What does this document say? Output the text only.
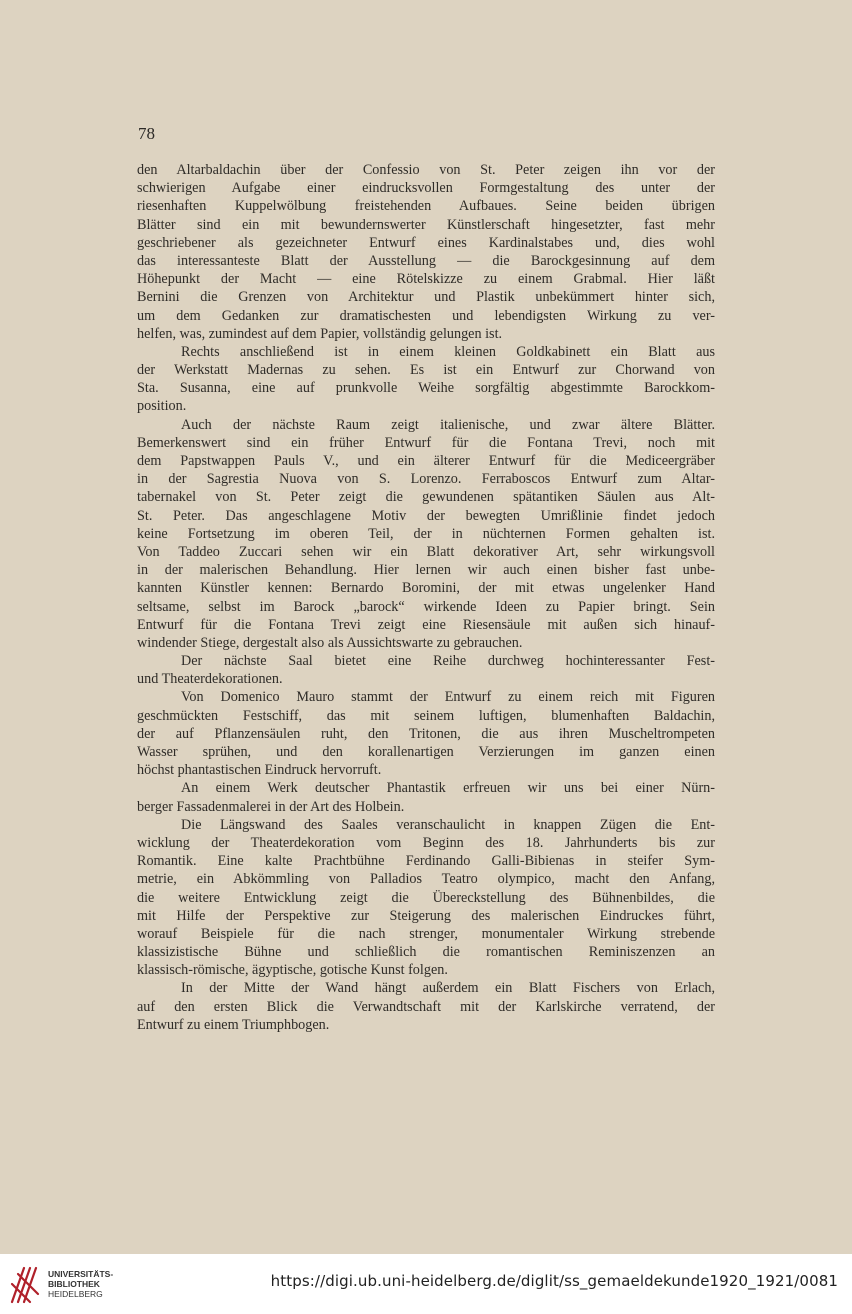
78
den Altarbaldachin über der Confessio von St. Peter zeigen ihn vor der
schwierigen Aufgabe einer eindrucksvollen Formgestaltung des unter der
riesenhaften Kuppelwölbung freistehenden Aufbaues. Seine beiden übrigen
Blätter sind ein mit bewundernswerter Künstlerschaft hingesetzter, fast mehr
geschriebener als gezeichneter Entwurf eines Kardinalstabes und, dies wohl
das interessanteste Blatt der Ausstellung — die Barockgesinnung auf dem
Höhepunkt der Macht — eine Rötelskizze zu einem Grabmal. Hier läßt
Bernini die Grenzen von Architektur und Plastik unbekümmert hinter sich,
um dem Gedanken zur dramatischesten und lebendigsten Wirkung zu ver-
helfen, was, zumindest auf dem Papier, vollständig gelungen ist.
Rechts anschließend ist in einem kleinen Goldkabinett ein Blatt aus
der Werkstatt Madernas zu sehen. Es ist ein Entwurf zur Chorwand von
Sta. Susanna, eine auf prunkvolle Weihe sorgfältig abgestimmte Barockkom-
position.
Auch der nächste Raum zeigt italienische, und zwar ältere Blätter.
Bemerkenswert sind ein früher Entwurf für die Fontana Trevi, noch mit
dem Papstwappen Pauls V., und ein älterer Entwurf für die Mediceergräber
in der Sagrestia Nuova von S. Lorenzo. Ferraboscos Entwurf zum Altar-
tabernakel von St. Peter zeigt die gewundenen spätantiken Säulen aus Alt-
St. Peter. Das angeschlagene Motiv der bewegten Umrißlinie findet jedoch
keine Fortsetzung im oberen Teil, der in nüchternen Formen gehalten ist.
Von Taddeo Zuccari sehen wir ein Blatt dekorativer Art, sehr wirkungsvoll
in der malerischen Behandlung. Hier lernen wir auch einen bisher fast unbe-
kannten Künstler kennen: Bernardo Boromini, der mit etwas ungelenker Hand
seltsame, selbst im Barock „barock“ wirkende Ideen zu Papier bringt. Sein
Entwurf für die Fontana Trevi zeigt eine Riesensäule mit außen sich hinauf-
windender Stiege, dergestalt also als Aussichtswarte zu gebrauchen.
Der nächste Saal bietet eine Reihe durchweg hochinteressanter Fest-
und Theaterdekorationen.
Von Domenico Mauro stammt der Entwurf zu einem reich mit Figuren
geschmückten Festschiff, das mit seinem luftigen, blumenhaften Baldachin,
der auf Pflanzensäulen ruht, den Tritonen, die aus ihren Muscheltrompeten
Wasser sprühen, und den korallenartigen Verzierungen im ganzen einen
höchst phantastischen Eindruck hervorruft.
An einem Werk deutscher Phantastik erfreuen wir uns bei einer Nürn-
berger Fassadenmalerei in der Art des Holbein.
Die Längswand des Saales veranschaulicht in knappen Zügen die Ent-
wicklung der Theaterdekoration vom Beginn des 18. Jahrhunderts bis zur
Romantik. Eine kalte Prachtbühne Ferdinando Galli-Bibienas in steifer Sym-
metrie, ein Abkömmling von Palladios Teatro olympico, macht den Anfang,
die weitere Entwicklung zeigt die Übereckstellung des Bühnenbildes, die
mit Hilfe der Perspektive zur Steigerung des malerischen Eindruckes führt,
worauf Beispiele für die nach strenger, monumentaler Wirkung strebende
klassizistische Bühne und schließlich die romantischen Reminiszenzen an
klassisch-römische, ägyptische, gotische Kunst folgen.
In der Mitte der Wand hängt außerdem ein Blatt Fischers von Erlach,
auf den ersten Blick die Verwandtschaft mit der Karlskirche verratend, der
Entwurf zu einem Triumphbogen.
UNIVERSITÄTS-
BIBLIOTHEK
HEIDELBERG
https://digi.ub.uni-heidelberg.de/diglit/ss_gemaeldekunde1920_1921/0081
